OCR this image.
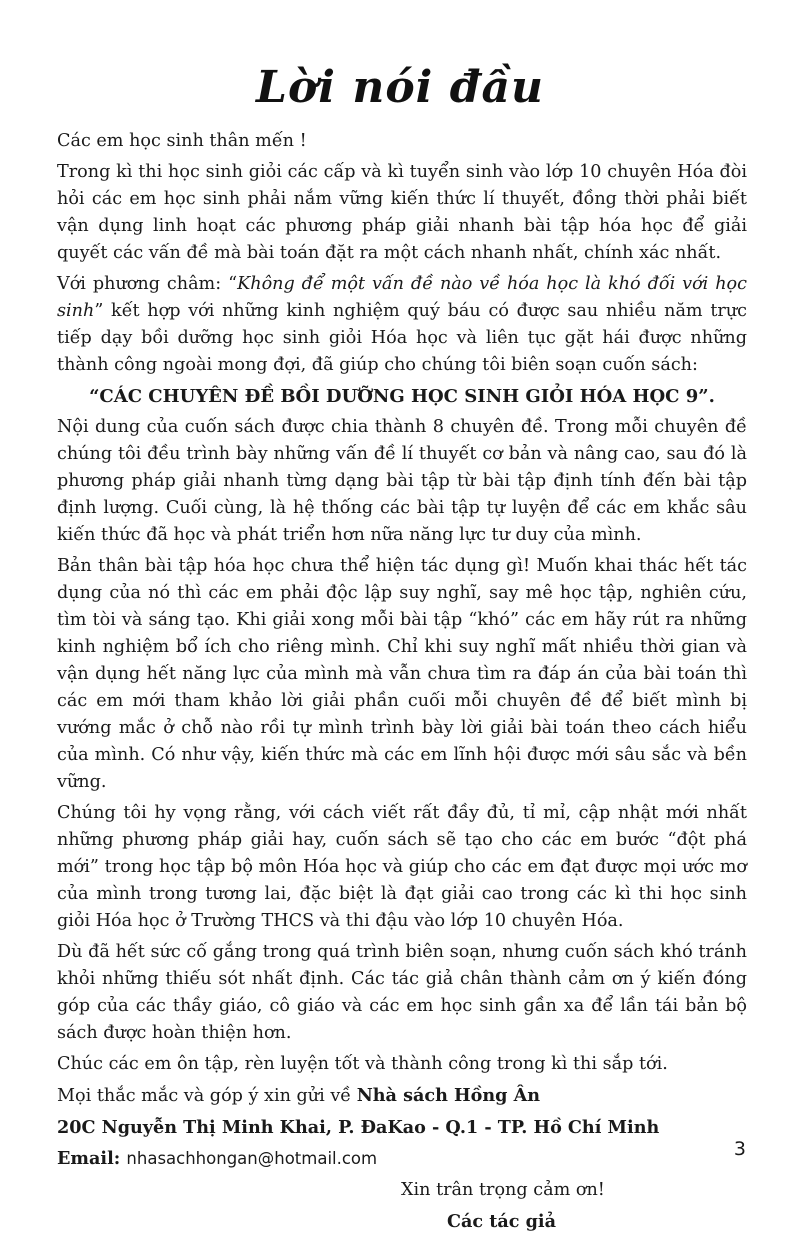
Lời nói đầu

Các em học sinh thân mến !

Trong kì thi học sinh giỏi các cấp và kì tuyển sinh vào lớp 10 chuyên Hóa đòi hỏi các em học sinh phải nắm vững kiến thức lí thuyết, đồng thời phải biết vận dụng linh hoạt các phương pháp giải nhanh bài tập hóa học để giải quyết các vấn đề mà bài toán đặt ra một cách nhanh nhất, chính xác nhất.

Với phương châm: “Không để một vấn đề nào về hóa học là khó đối với học sinh” kết hợp với những kinh nghiệm quý báu có được sau nhiều năm trực tiếp dạy bồi dưỡng học sinh giỏi Hóa học và liên tục gặt hái được những thành công ngoài mong đợi, đã giúp cho chúng tôi biên soạn cuốn sách:

“CÁC CHUYÊN ĐỀ BỒI DƯỠNG HỌC SINH GIỎI HÓA HỌC 9”.

Nội dung của cuốn sách được chia thành 8 chuyên đề. Trong mỗi chuyên đề chúng tôi đều trình bày những vấn đề lí thuyết cơ bản và nâng cao, sau đó là phương pháp giải nhanh từng dạng bài tập từ bài tập định tính đến bài tập định lượng. Cuối cùng, là hệ thống các bài tập tự luyện để các em khắc sâu kiến thức đã học và phát triển hơn nữa năng lực tư duy của mình.

Bản thân bài tập hóa học chưa thể hiện tác dụng gì! Muốn khai thác hết tác dụng của nó thì các em phải độc lập suy nghĩ, say mê học tập, nghiên cứu, tìm tòi và sáng tạo. Khi giải xong mỗi bài tập “khó” các em hãy rút ra những kinh nghiệm bổ ích cho riêng mình. Chỉ khi suy nghĩ mất nhiều thời gian và vận dụng hết năng lực của mình mà vẫn chưa tìm ra đáp án của bài toán thì các em mới tham khảo lời giải phần cuối mỗi chuyên đề để biết mình bị vướng mắc ở chỗ nào rồi tự mình trình bày lời giải bài toán theo cách hiểu của mình. Có như vậy, kiến thức mà các em lĩnh hội được mới sâu sắc và bền vững.

Chúng tôi hy vọng rằng, với cách viết rất đầy đủ, tỉ mỉ, cập nhật mới nhất những phương pháp giải hay, cuốn sách sẽ tạo cho các em bước “đột phá mới” trong học tập bộ môn Hóa học và giúp cho các em đạt được mọi ước mơ của mình trong tương lai, đặc biệt là đạt giải cao trong các kì thi học sinh giỏi Hóa học ở Trường THCS và thi đậu vào lớp 10 chuyên Hóa.

Dù đã hết sức cố gắng trong quá trình biên soạn, nhưng cuốn sách khó tránh khỏi những thiếu sót nhất định. Các tác giả chân thành cảm ơn ý kiến đóng góp của các thầy giáo, cô giáo và các em học sinh gần xa để lần tái bản bộ sách được hoàn thiện hơn.

Chúc các em ôn tập, rèn luyện tốt và thành công trong kì thi sắp tới.

Mọi thắc mắc và góp ý xin gửi về Nhà sách Hồng Ân

20C Nguyễn Thị Minh Khai, P. ĐaKao - Q.1 - TP. Hồ Chí Minh

Email: nhasachhongan@hotmail.com

Xin trân trọng cảm ơn!

Các tác giả

3
